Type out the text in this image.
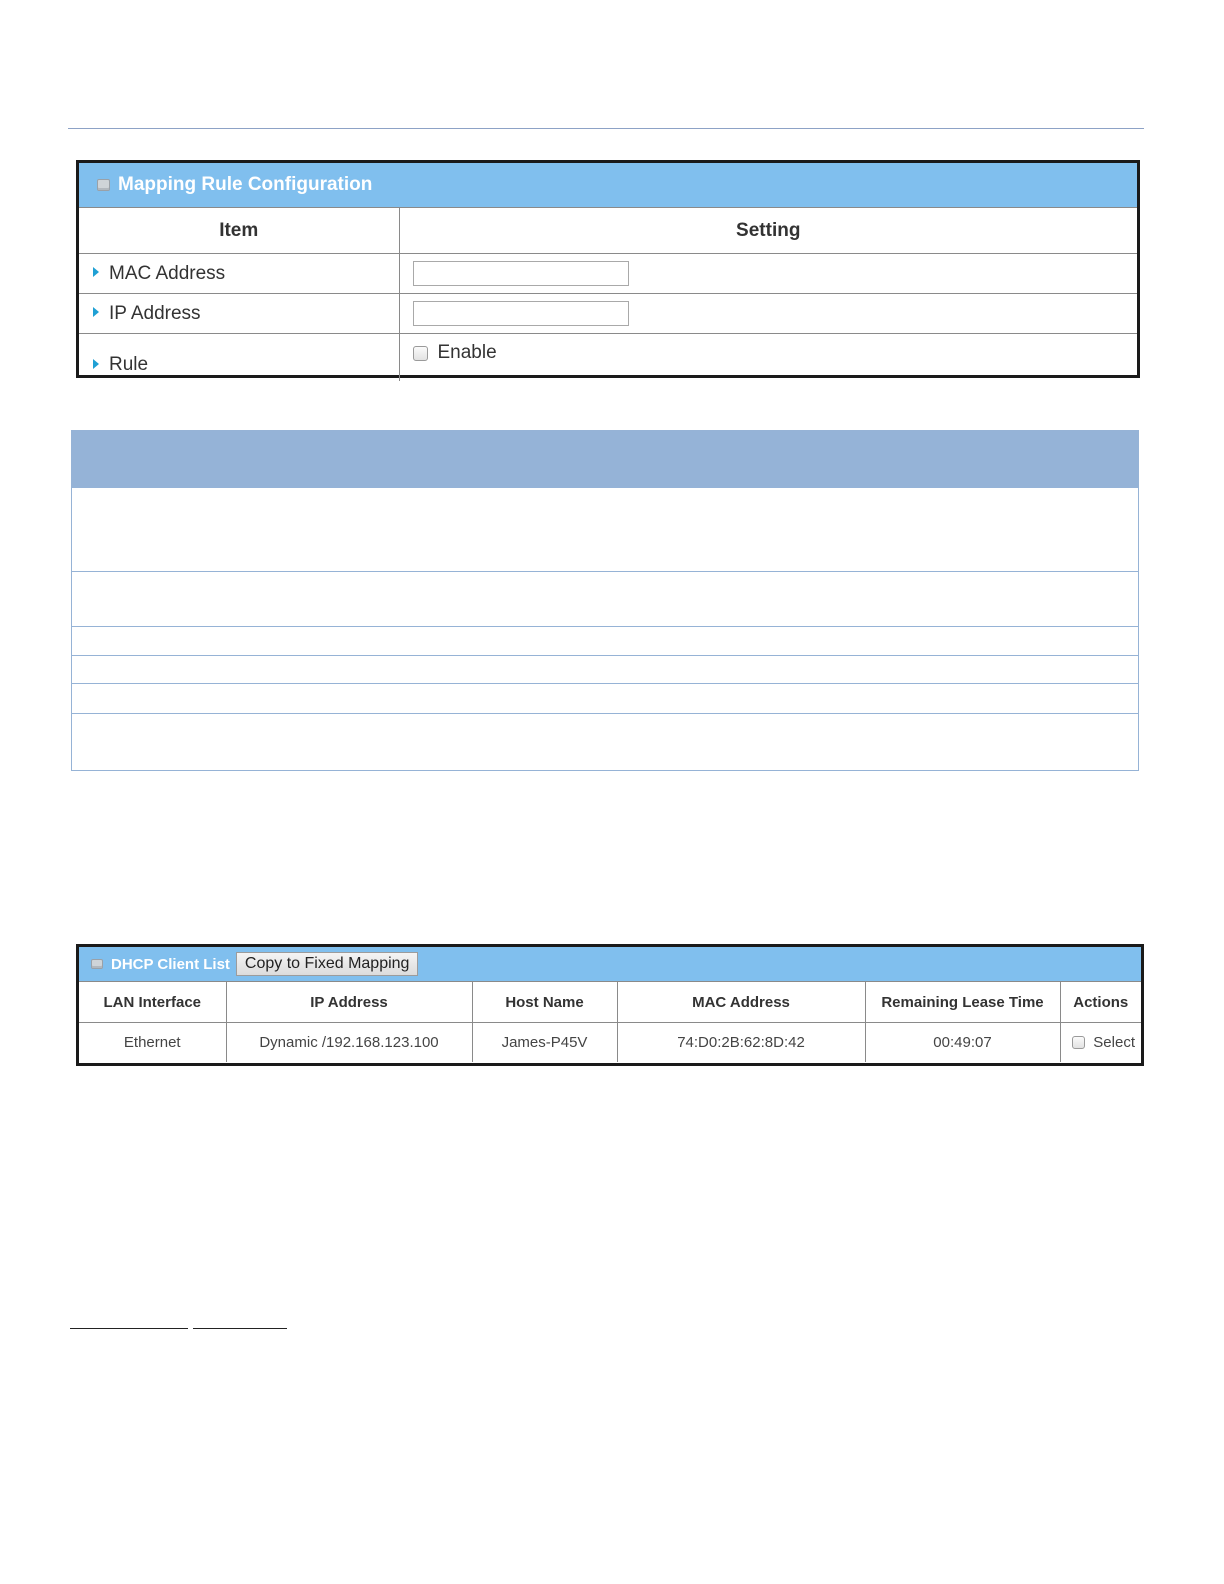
Mapping Rule Configuration
Item	Setting
MAC Address	

IP Address	

Rule	Enable
DHCP Client List Copy to Fixed Mapping
LAN Interface	IP Address	Host Name	MAC Address	Remaining Lease Time	Actions
Ethernet	Dynamic /192.168.123.100	James-P45V	74:D0:2B:62:8D:42	00:49:07	Select
